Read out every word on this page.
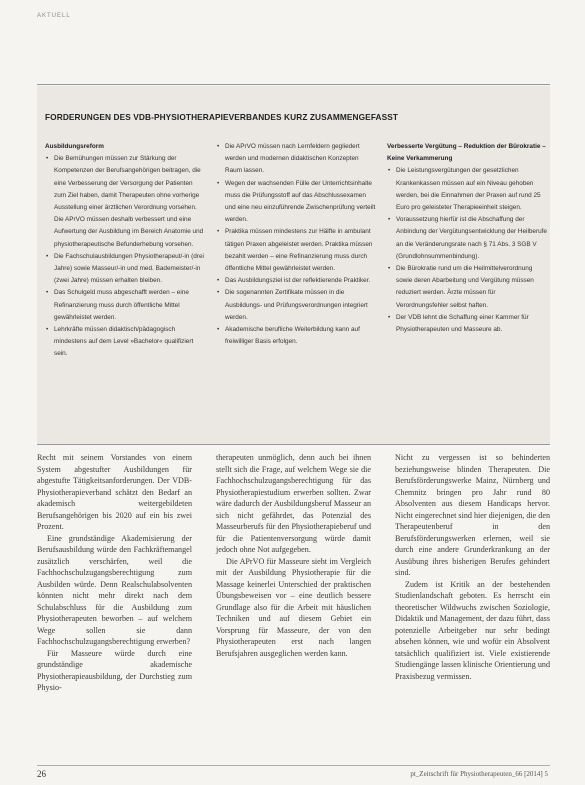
AKTUELL
FORDERUNGEN DES VDB-PHYSIOTHERAPIEVERBANDES KURZ ZUSAMMENGEFASST
Ausbildungsreform
• Die Bemühungen müssen zur Stärkung der Kompetenzen der Berufsangehörigen beitragen, die eine Verbesserung der Versorgung der Patienten zum Ziel haben, damit Therapeuten ohne vorherige Ausstellung einer ärztlichen Verordnung vorsehen. Die APrVO müssen deshalb verbessert und eine Aufwertung der Ausbildung im Bereich Anatomie und physiotherapeutische Befunderhebung vorsehen.
• Die Fachschulausbildungen Physiotherapeut/-in (drei Jahre) sowie Masseur/-in und med. Bademeister/-in (zwei Jahre) müssen erhalten bleiben.
• Das Schulgeld muss abgeschafft werden – eine Refinanzierung muss durch öffentliche Mittel gewährleistet werden.
• Lehrkräfte müssen didaktisch/pädagogisch mindestens auf dem Level »Bachelor« qualifiziert sein.
• Die APrVO müssen nach Lernfeldern gegliedert werden und modernen didaktischen Konzepten Raum lassen.
• Wegen der wachsenden Fülle der Unterrichtsinhalte muss die Prüfungsstoff auf das Abschlussexamen und eine neu einzuführende Zwischenprüfung verteilt werden.
• Praktika müssen mindestens zur Hälfte in ambulant tätigen Praxen abgeleistet werden. Praktika müssen bezahlt werden – eine Refinanzierung muss durch öffentliche Mittel gewährleistet werden.
• Das Ausbildungsziel ist der reflektierende Praktiker.
• Die sogenannten Zertifikate müssen in die Ausbildungs- und Prüfungsverordnungen integriert werden.
• Akademische berufliche Weiterbildung kann auf freiwilliger Basis erfolgen.
Verbesserte Vergütung – Reduktion der Bürokratie – Keine Verkammerung
• Die Leistungsvergütungen der gesetzlichen Krankenkassen müssen auf ein Niveau gehoben werden, bei die Einnahmen der Praxen auf rund 25 Euro pro geleisteter Therapieeinheit steigen.
• Voraussetzung hierfür ist die Abschaffung der Anbindung der Vergütungsentwicklung der Heilberufe an die Veränderungsrate nach § 71 Abs. 3 SGB V (Grundlohnsummenbindung).
• Die Bürokratie rund um die Heilmittelverordnung sowie deren Abarbeitung und Vergütung müssen reduziert werden. Ärzte müssen für Verordnungsfehler selbst haften.
• Der VDB lehnt die Schaffung einer Kammer für Physiotherapeuten und Masseure ab.

Recht mit seinem Vorstandes von einem System abgestufter Ausbildungen für abgestufte Tätigkeitsanforderungen. Der VDB-Physiotherapieverband schätzt den Bedarf an akademisch weitergebildeten Berufsangehörigen bis 2020 auf ein bis zwei Prozent.

Eine grundständige Akademisierung der Berufsausbildung würde den Fachkräftemangel zusätzlich verschärfen, weil die Fachhochschulzugangsberechtigung zum Ausbilden würde. Denn Realschulabsolventen könnten nicht mehr direkt nach dem Schulabschluss für die Ausbildung zum Physiotherapeuten beworben – auf welchem Wege sollen sie dann Fachhochschulzugangsberechtigung erwerben?

Für Masseure würde durch eine grundständige akademische Physiotherapieausbildung, der Durchstieg zum Physio-

therapeuten unmöglich, denn auch bei ihnen stellt sich die Frage, auf welchem Wege sie die Fachhochschulzugangsberechtigung für das Physiotherapiestudium erwerben sollten. Zwar wäre dadurch der Ausbildungsberuf Masseur an sich nicht gefährdet, das Potenzial des Masseurberufs für den Physiotherapieberuf und für die Patientenversorgung würde damit jedoch ohne Not aufgegeben.

Die APrVO für Masseure sieht im Vergleich mit der Ausbildung Physiotherapie für die Massage keinerlei Unterschied der praktischen Übungsbeweisen vor – eine deutlich bessere Grundlage also für die Arbeit mit häuslichen Techniken und auf diesem Gebiet ein Vorsprung für Masseure, der von den Physiotherapeuten erst nach langen Berufsjahren ausgeglichen werden kann.

Nicht zu vergessen ist so behinderten beziehungsweise blinden Therapeuten. Die Berufsförderungswerke Mainz, Nürnberg und Chemnitz bringen pro Jahr rund 80 Absolventen aus diesem Handicaps hervor. Nicht eingerechnet sind hier diejenigen, die den Therapeutenberuf in den Berufsförderungswerken erlernen, weil sie durch eine andere Grunderkrankung an der Ausübung ihres bisherigen Berufes gehindert sind.

Zudem ist Kritik an der bestehenden Studienlandschaft geboten. Es herrscht ein theoretischer Wildwuchs zwischen Soziologie, Didaktik und Management, der dazu führt, dass potenzielle Arbeitgeber nur sehr bedingt absehen können, wie und wofür ein Absolvent tatsächlich qualifiziert ist. Viele existierende Studiengänge lassen klinische Orientierung und Praxisbezug vermissen.

26	pt_Zeitschrift für Physiotherapeuten_66 [2014] 5
